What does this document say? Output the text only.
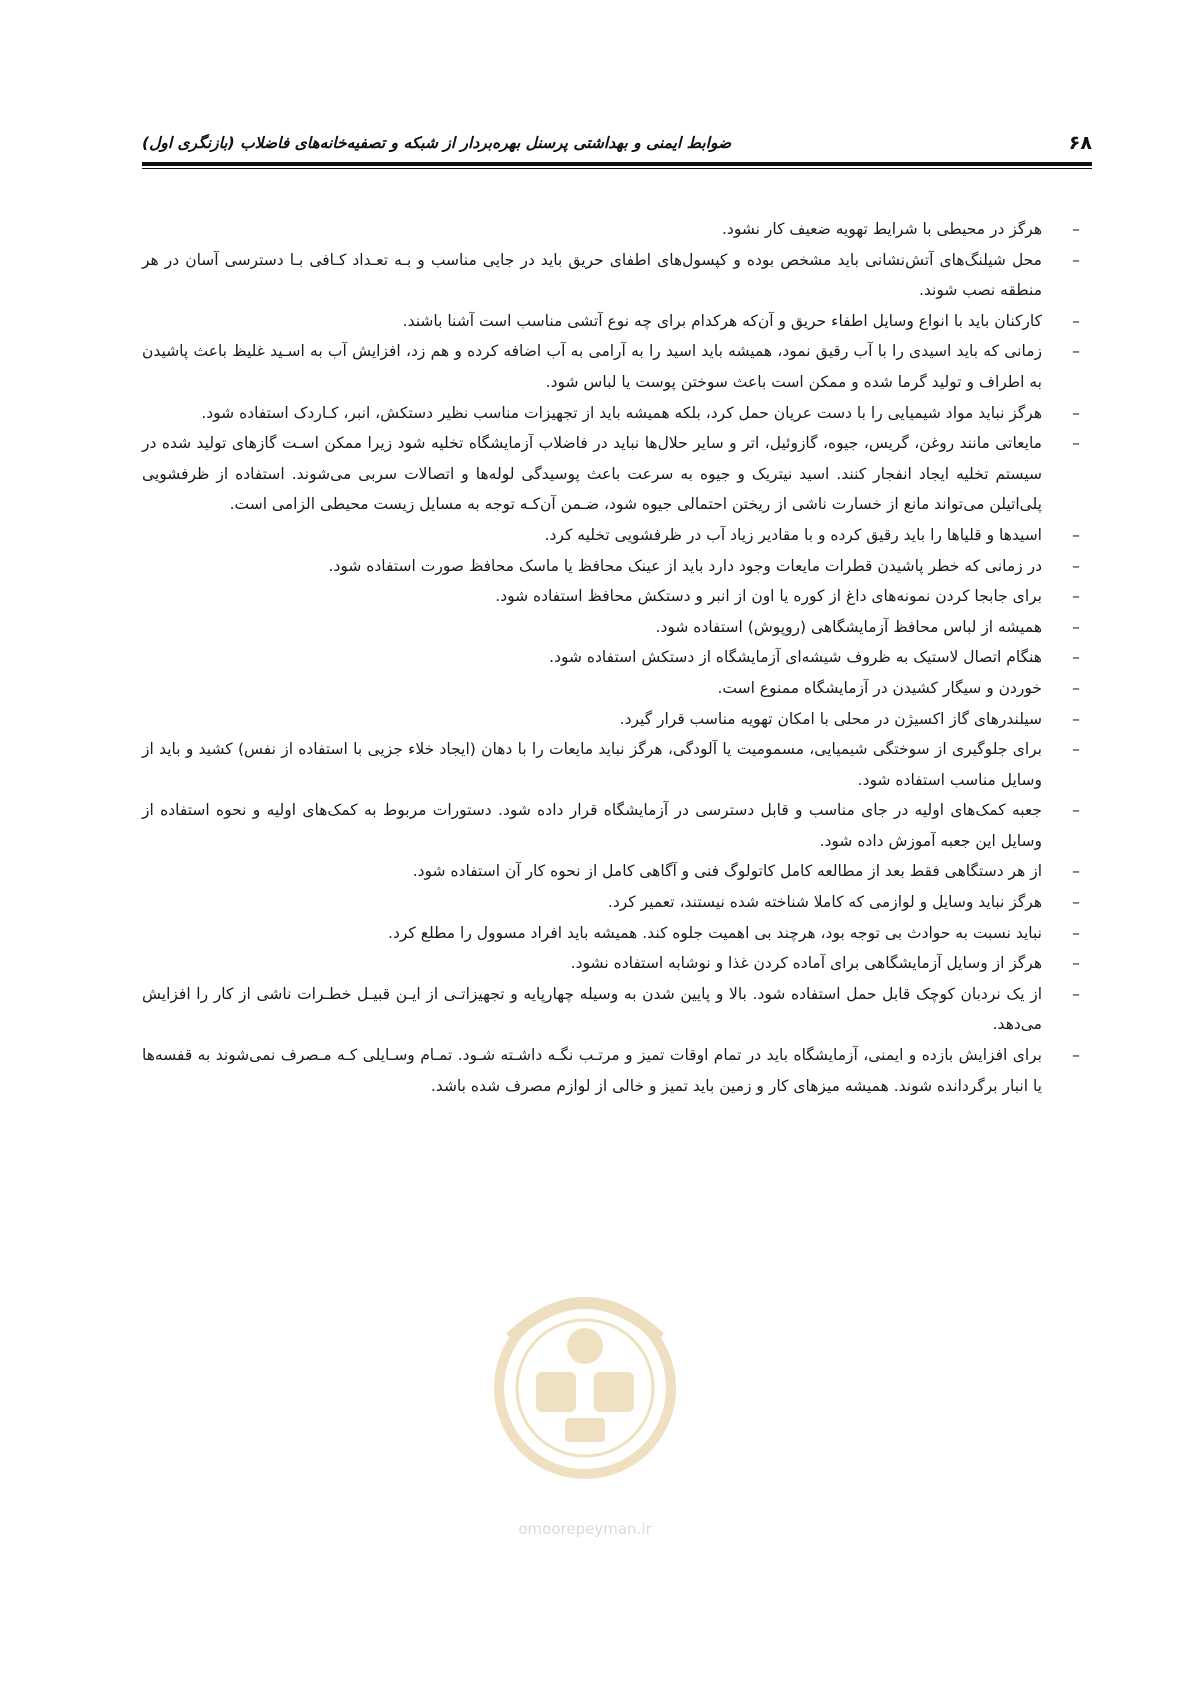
۶۸
ضوابط ایمنی و بهداشتی پرسنل بهره‌بردار از شبکه و تصفیه‌خانه‌های فاضلاب (بازنگری اول)
–
هرگز در محیطی با شرایط تهویه ضعیف کار نشود.
–
محل شیلنگ‌های آتش‌نشانی باید مشخص بوده و کپسول‌های اطفای حریق باید در جایی مناسب و بـه تعـداد کـافی بـا دسترسی آسان در هر منطقه نصب شوند.
–
کارکنان باید با انواع وسایل اطفاء حریق و آن‌که هرکدام برای چه نوع آتشی مناسب است آشنا باشند.
–
زمانی که باید اسیدی را با آب رقیق نمود، همیشه باید اسید را به آرامی به آب اضافه کرده و هم زد، افزایش آب به اسـید غلیظ باعث پاشیدن به اطراف و تولید گرما شده و ممکن است باعث سوختن پوست یا لباس شود.
–
هرگز نباید مواد شیمیایی را با دست عریان حمل کرد، بلکه همیشه باید از تجهیزات مناسب نظیر دستکش، انبر، کـاردک استفاده شود.
–
مایعاتی مانند روغن، گریس، جیوه، گازوئیل، اتر و سایر حلال‌ها نباید در فاضلاب آزمایشگاه تخلیه شود زیرا ممکن اسـت گازهای تولید شده در سیستم تخلیه ایجاد انفجار کنند. اسید نیتریک و جیوه به سرعت باعث پوسیدگی لوله‌ها و اتصالات سربی می‌شوند. استفاده از ظرفشویی پلی‌اتیلن می‌تواند مانع از خسارت ناشی از ریختن احتمالی جیوه شود، ضـمن آن‌کـه توجه به مسایل زیست محیطی الزامی است.
–
اسیدها و قلیاها را باید رقیق کرده و با مقادیر زیاد آب در ظرفشویی تخلیه کرد.
–
در زمانی که خطر پاشیدن قطرات مایعات وجود دارد باید از عینک محافظ یا ماسک محافظ صورت استفاده شود.
–
برای جابجا کردن نمونه‌های داغ از کوره یا اون از انبر و دستکش محافظ استفاده شود.
–
همیشه از لباس محافظ آزمایشگاهی (روپوش) استفاده شود.
–
هنگام اتصال لاستیک به ظروف شیشه‌ای آزمایشگاه از دستکش استفاده شود.
–
خوردن و سیگار کشیدن در آزمایشگاه ممنوع است.
–
سیلندرهای گاز اکسیژن در محلی با امکان تهویه مناسب قرار گیرد.
–
برای جلوگیری از سوختگی شیمیایی، مسمومیت یا آلودگی، هرگز نباید مایعات را با دهان (ایجاد خلاء جزیی با استفاده از نفس) کشید و باید از وسایل مناسب استفاده شود.
–
جعبه کمک‌های اولیه در جای مناسب و قابل دسترسی در آزمایشگاه قرار داده شود. دستورات مربوط به کمک‌های اولیه و نحوه استفاده از وسایل این جعبه آموزش داده شود.
–
از هر دستگاهی فقط بعد از مطالعه کامل کاتولوگ فنی و آگاهی کامل از نحوه کار آن استفاده شود.
–
هرگز نباید وسایل و لوازمی که کاملا شناخته شده نیستند، تعمیر کرد.
–
نباید نسبت به حوادث بی توجه بود، هرچند بی اهمیت جلوه کند. همیشه باید افراد مسوول را مطلع کرد.
–
هرگز از وسایل آزمایشگاهی برای آماده کردن غذا و نوشابه استفاده نشود.
–
از یک نردبان کوچک قابل حمل استفاده شود. بالا و پایین شدن به وسیله چهارپایه و تجهیزاتـی از ایـن قبیـل خطـرات ناشی از کار را افزایش می‌دهد.
–
برای افزایش بازده و ایمنی، آزمایشگاه باید در تمام اوقات تمیز و مرتـب نگـه داشـته شـود. تمـام وسـایلی کـه مـصرف نمی‌شوند به قفسه‌ها یا انبار برگردانده شوند. همیشه میزهای کار و زمین باید تمیز و خالی از لوازم مصرف شده باشد.
omoorepeyman.ir
